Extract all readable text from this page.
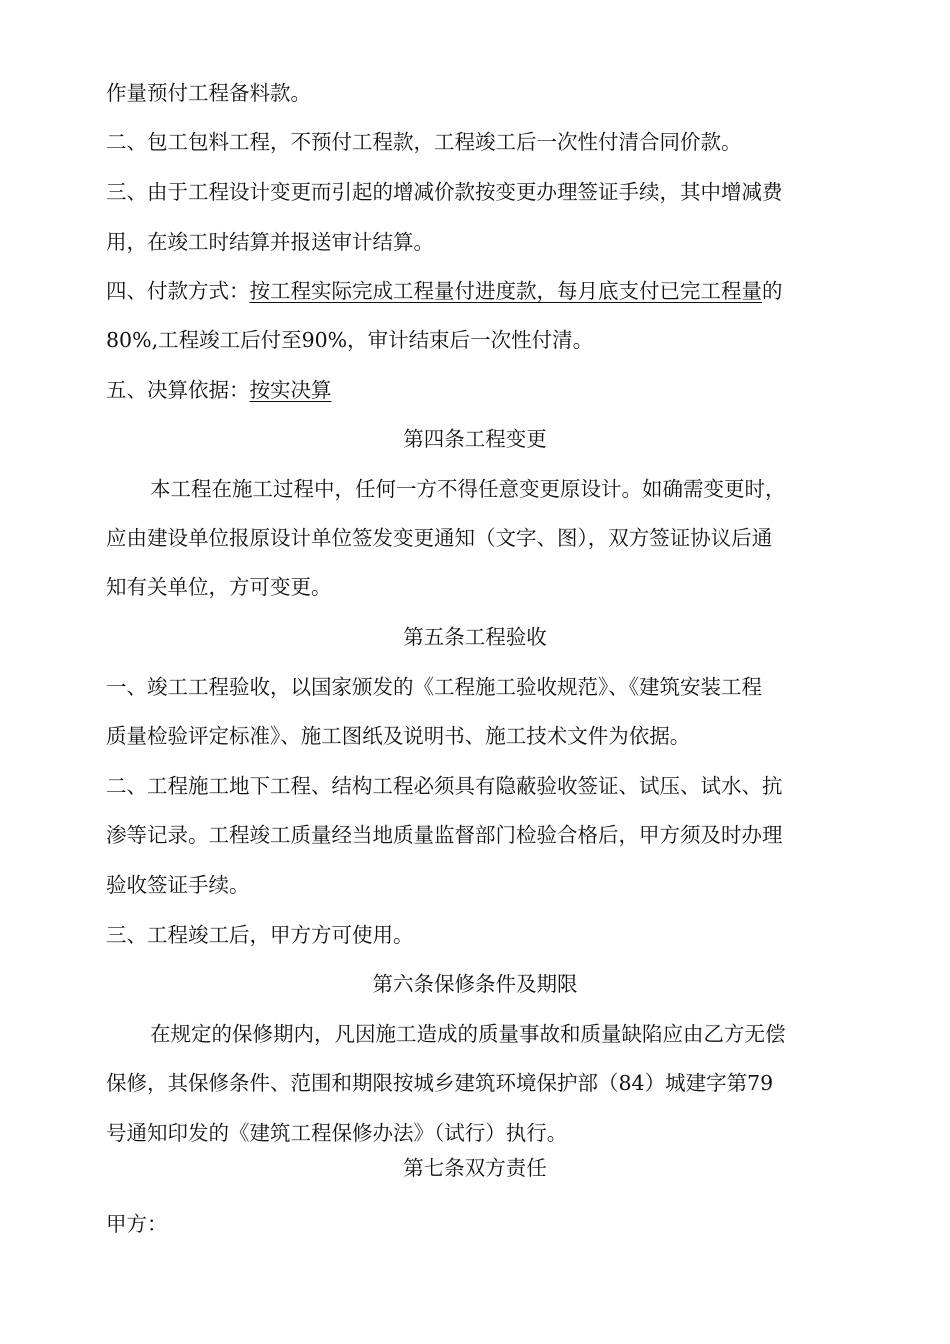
作量预付工程备料款。
二、包工包料工程，不预付工程款，工程竣工后一次性付清合同价款。
三、由于工程设计变更而引起的增减价款按变更办理签证手续，其中增减费
用，在竣工时结算并报送审计结算。
四、付款方式：按工程实际完成工程量付进度款，每月底支付已完工程量的
80%,工程竣工后付至90%，审计结束后一次性付清。
五、决算依据：按实决算
第四条工程变更
本工程在施工过程中，任何一方不得任意变更原设计。如确需变更时，
应由建设单位报原设计单位签发变更通知（文字、图），双方签证协议后通
知有关单位，方可变更。
第五条工程验收
一、竣工工程验收，以国家颁发的《工程施工验收规范》、《建筑安装工程
质量检验评定标准》、施工图纸及说明书、施工技术文件为依据。
二、工程施工地下工程、结构工程必须具有隐蔽验收签证、试压、试水、抗
渗等记录。工程竣工质量经当地质量监督部门检验合格后，甲方须及时办理
验收签证手续。
三、工程竣工后，甲方方可使用。
第六条保修条件及期限
在规定的保修期内，凡因施工造成的质量事故和质量缺陷应由乙方无偿
保修，其保修条件、范围和期限按城乡建筑环境保护部（84）城建字第79
号通知印发的《建筑工程保修办法》（试行）执行。
第七条双方责任
甲方：
